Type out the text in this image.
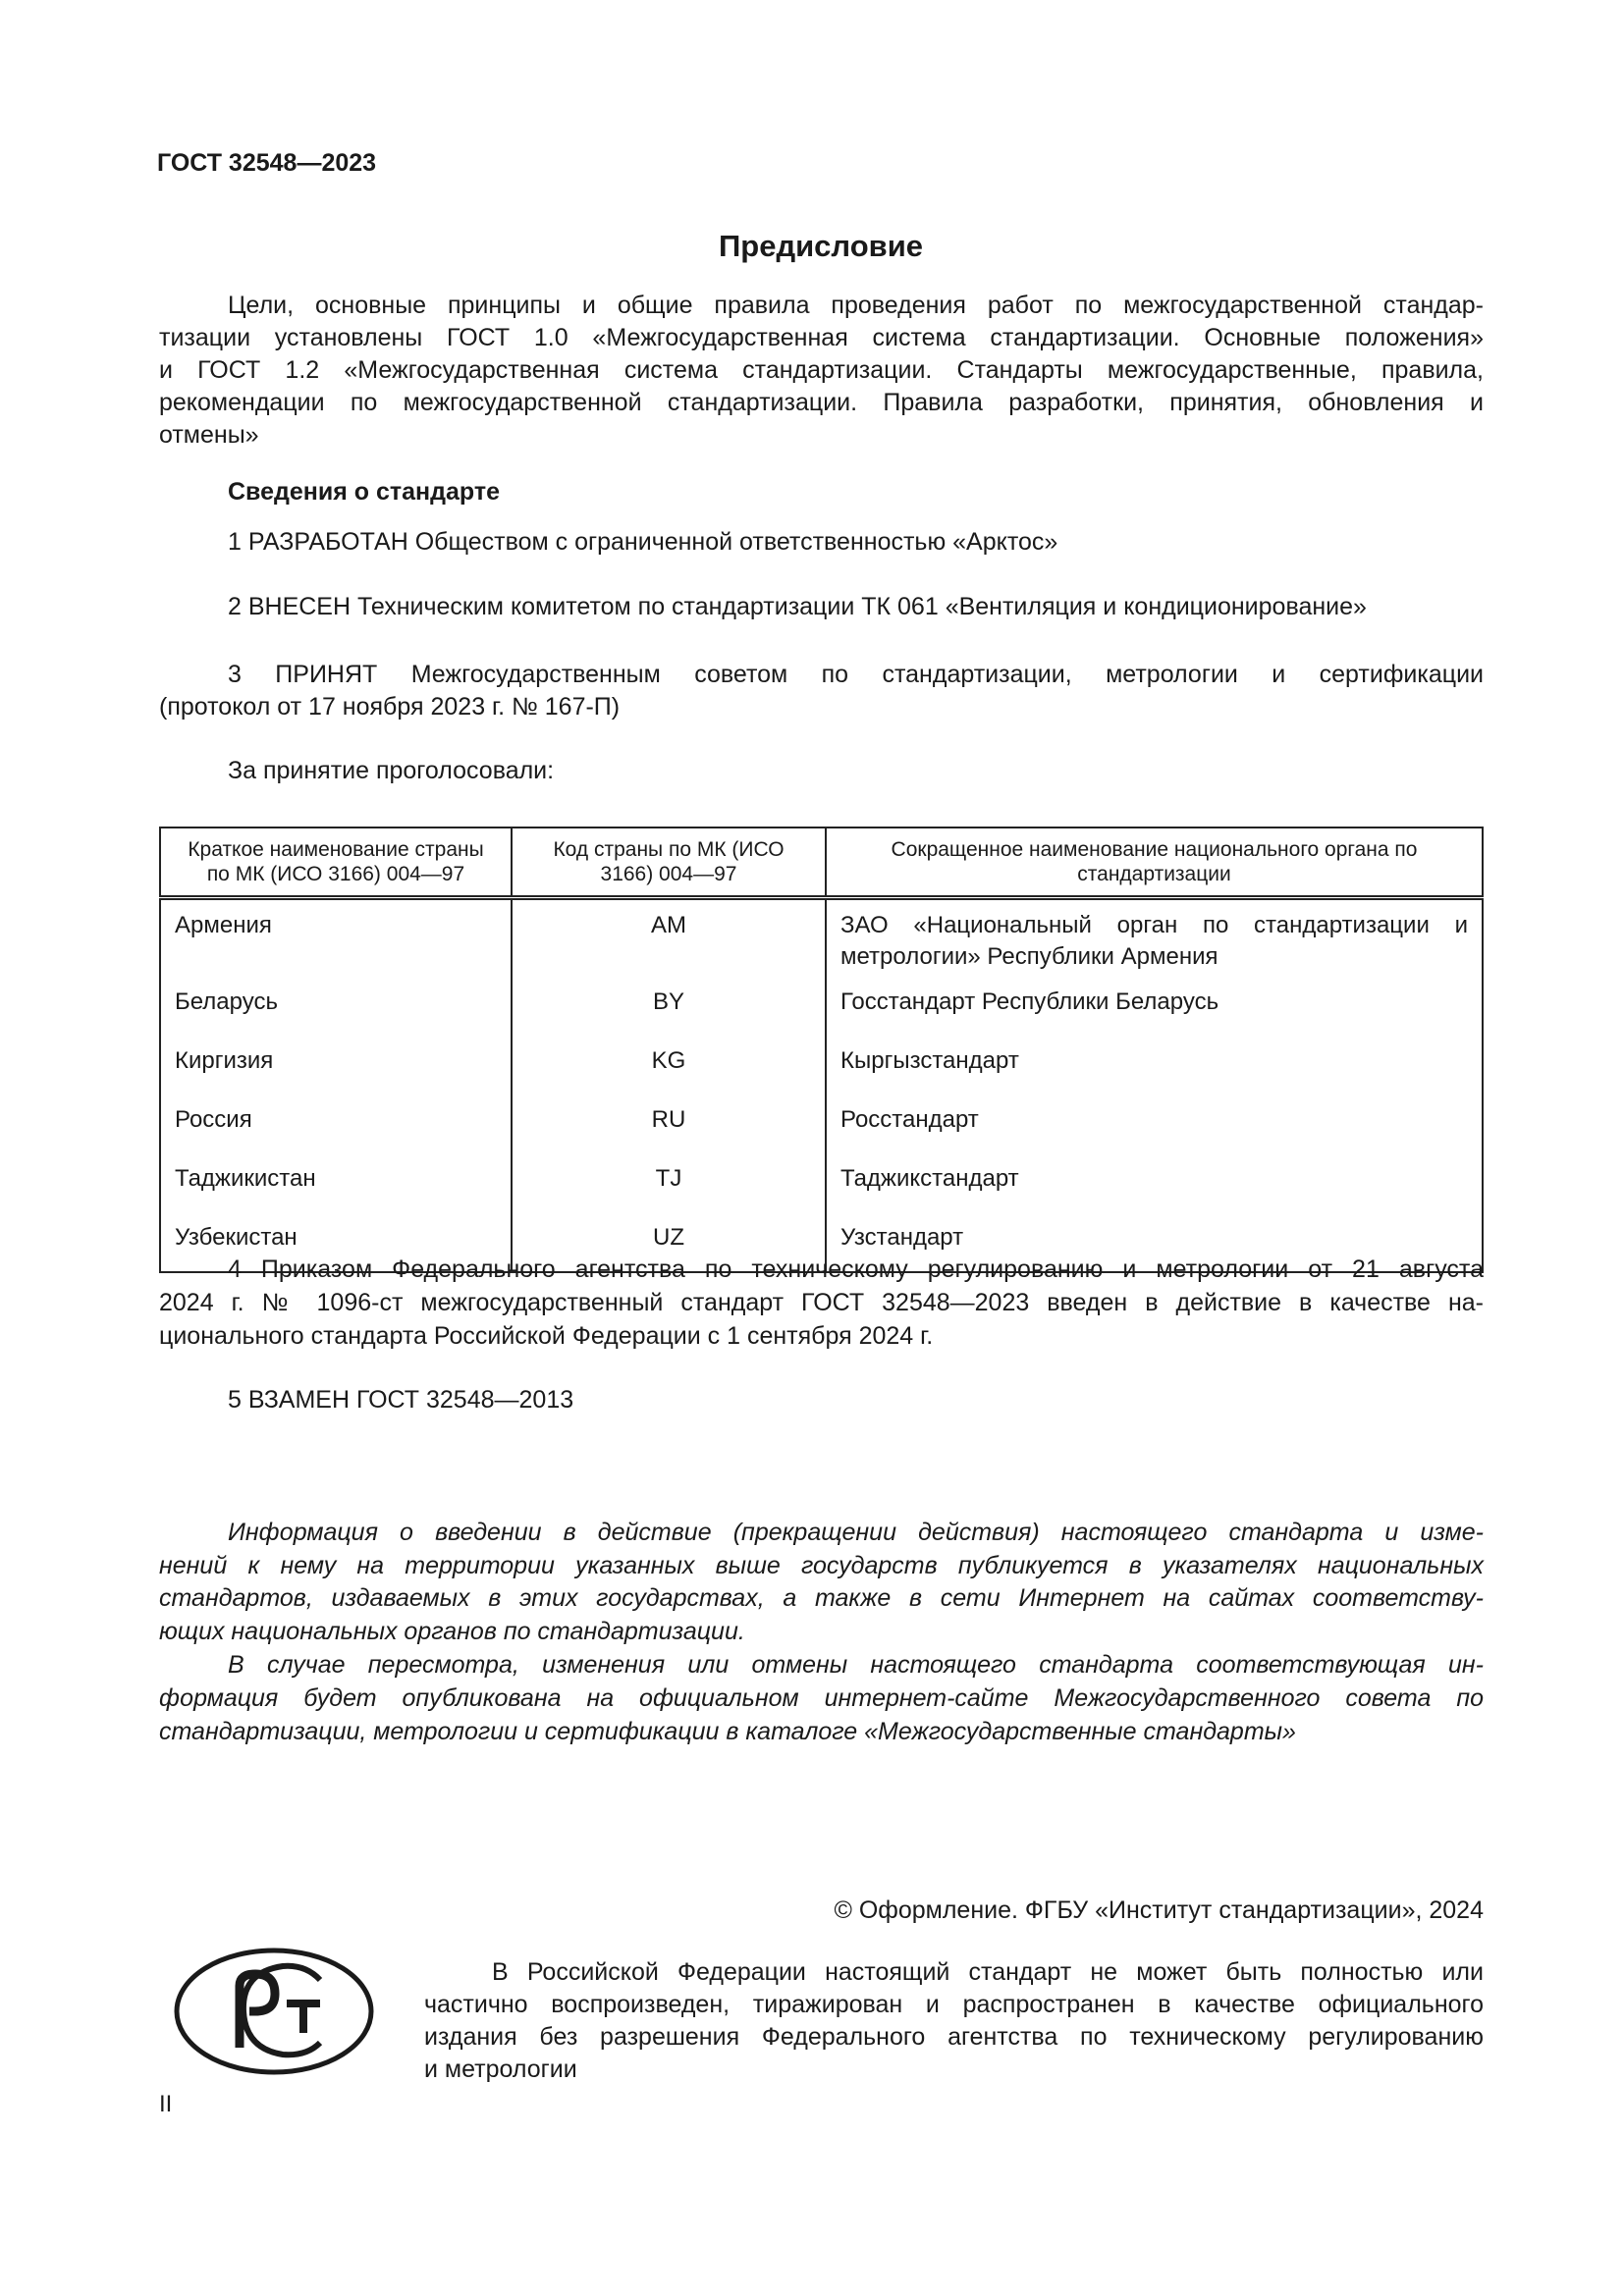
ГОСТ 32548—2023
Предисловие
Цели, основные принципы и общие правила проведения работ по межгосударственной стандар-
тизации установлены ГОСТ 1.0 «Межгосударственная система стандартизации. Основные положения»
и ГОСТ 1.2 «Межгосударственная система стандартизации. Стандарты межгосударственные, правила,
рекомендации по межгосударственной стандартизации. Правила разработки, принятия, обновления и
отмены»
Сведения о стандарте
1 РАЗРАБОТАН Обществом с ограниченной ответственностью «Арктос»
2 ВНЕСЕН Техническим комитетом по стандартизации ТК 061 «Вентиляция и кондиционирование»
3 ПРИНЯТ Межгосударственным советом по стандартизации, метрологии и сертификации
(протокол от 17 ноября 2023 г. № 167-П)
За принятие проголосовали:
Краткое наименование страны по МК (ИСО 3166) 004—97	Код страны по МК (ИСО 3166) 004—97	Сокращенное наименование национального органа по стандартизации
Армения	AM	ЗАО «Национальный орган по стандартизации и метрологии» Республики Армения
Беларусь	BY	Госстандарт Республики Беларусь
Киргизия	KG	Кыргызстандарт
Россия	RU	Росстандарт
Таджикистан	TJ	Таджикстандарт
Узбекистан	UZ	Узстандарт
4 Приказом Федерального агентства по техническому регулированию и метрологии от 21 августа
2024 г. № 1096-ст межгосударственный стандарт ГОСТ 32548—2023 введен в действие в качестве на-
ционального стандарта Российской Федерации с 1 сентября 2024 г.
5 ВЗАМЕН ГОСТ 32548—2013
Информация о введении в действие (прекращении действия) настоящего стандарта и изме-
нений к нему на территории указанных выше государств публикуется в указателях национальных
стандартов, издаваемых в этих государствах, а также в сети Интернет на сайтах соответству-
ющих национальных органов по стандартизации.
В случае пересмотра, изменения или отмены настоящего стандарта соответствующая ин-
формация будет опубликована на официальном интернет-сайте Межгосударственного совета по
стандартизации, метрологии и сертификации в каталоге «Межгосударственные стандарты»
© Оформление. ФГБУ «Институт стандартизации», 2024
В Российской Федерации настоящий стандарт не может быть полностью или
частично воспроизведен, тиражирован и распространен в качестве официального
издания без разрешения Федерального агентства по техническому регулированию
и метрологии
II
